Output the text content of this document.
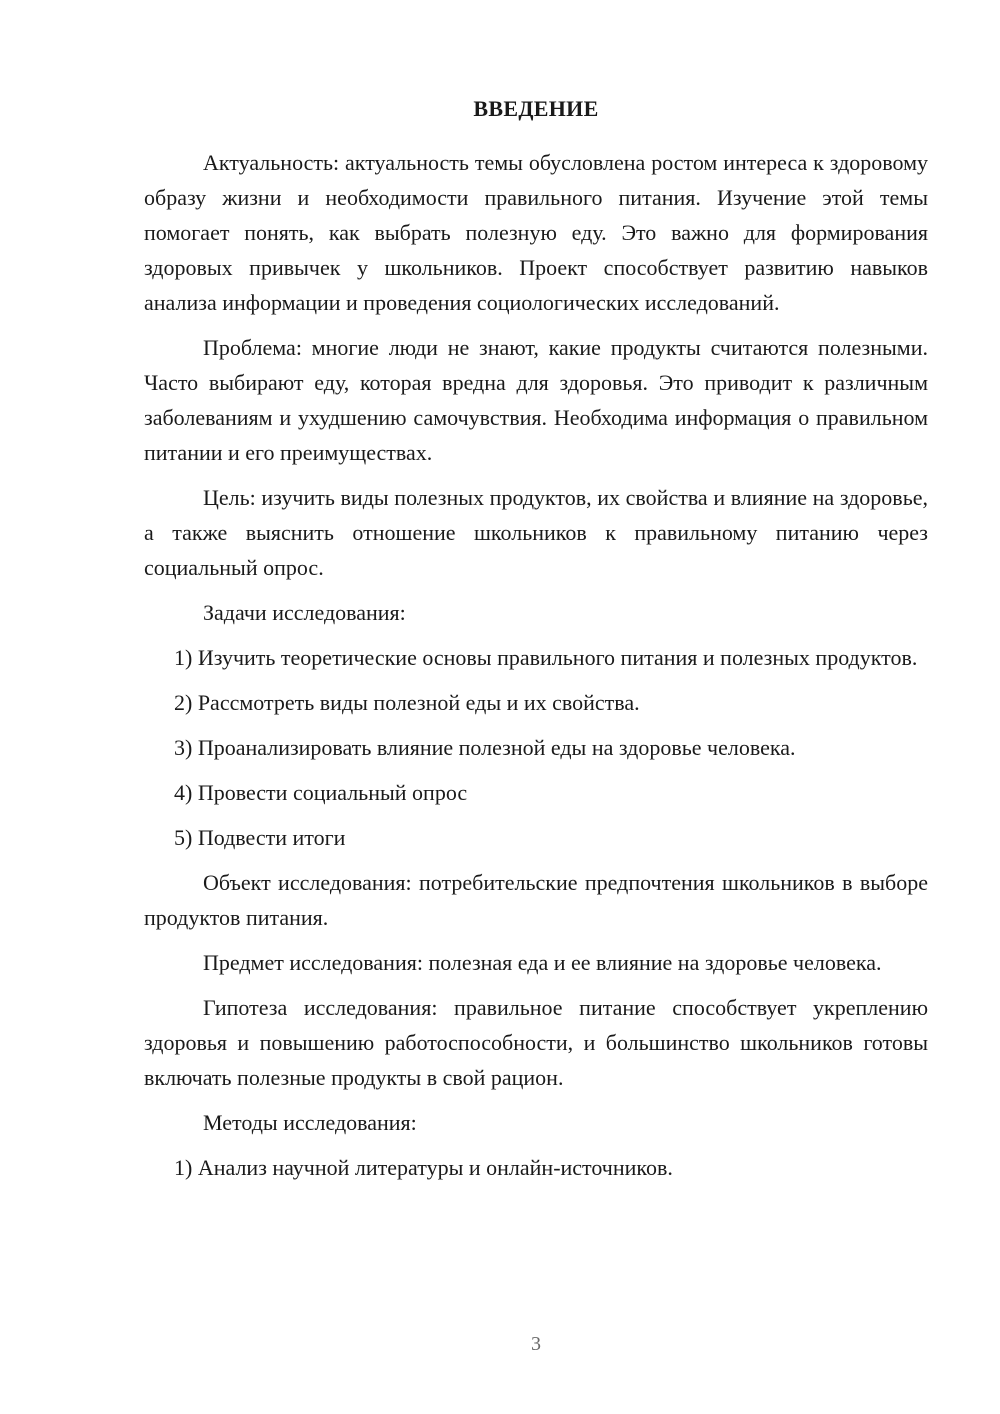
ВВЕДЕНИЕ

Актуальность: актуальность темы обусловлена ростом интереса к здоровому образу жизни и необходимости правильного питания. Изучение этой темы помогает понять, как выбрать полезную еду. Это важно для формирования здоровых привычек у школьников. Проект способствует развитию навыков анализа информации и проведения социологических исследований.

Проблема: многие люди не знают, какие продукты считаются полезными. Часто выбирают еду, которая вредна для здоровья. Это приводит к различным заболеваниям и ухудшению самочувствия. Необходима информация о правильном питании и его преимуществах.

Цель: изучить виды полезных продуктов, их свойства и влияние на здоровье, а также выяснить отношение школьников к правильному питанию через социальный опрос.

Задачи исследования:

1) Изучить теоретические основы правильного питания и полезных продуктов.

2) Рассмотреть виды полезной еды и их свойства.

3) Проанализировать влияние полезной еды на здоровье человека.

4) Провести социальный опрос

5) Подвести итоги

Объект исследования: потребительские предпочтения школьников в выборе продуктов питания.

Предмет исследования: полезная еда и ее влияние на здоровье человека.

Гипотеза исследования: правильное питание способствует укреплению здоровья и повышению работоспособности, и большинство школьников готовы включать полезные продукты в свой рацион.

Методы исследования:

1) Анализ научной литературы и онлайн-источников.

3
